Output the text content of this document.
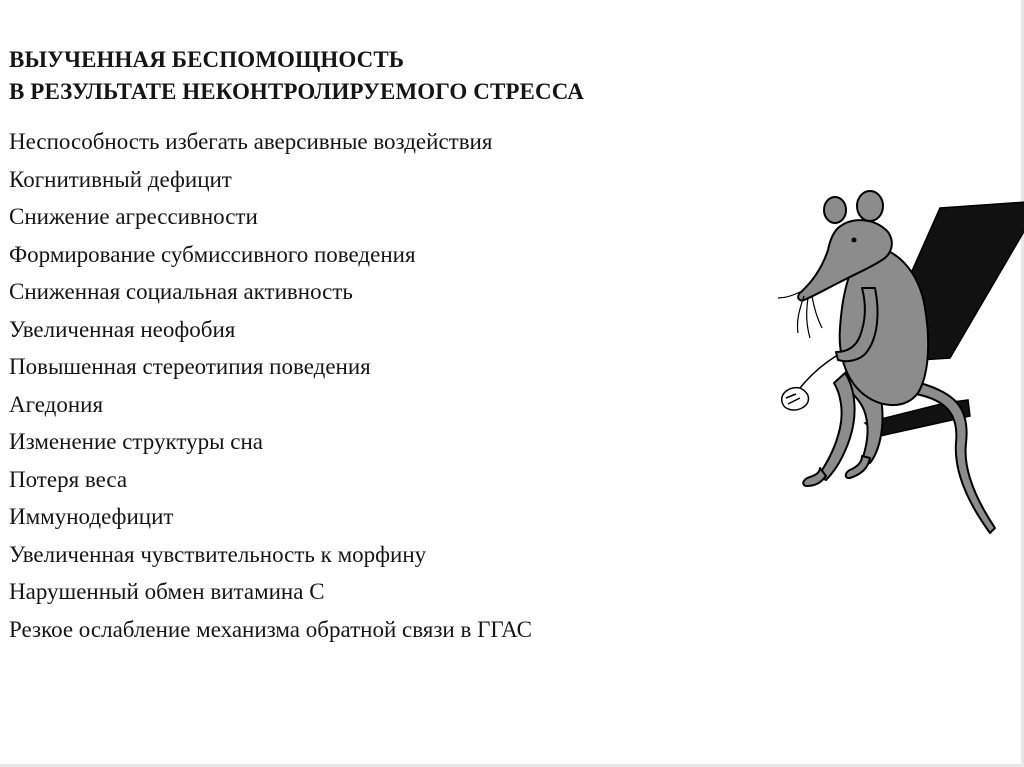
ВЫУЧЕННАЯ БЕСПОМОЩНОСТЬ
В РЕЗУЛЬТАТЕ НЕКОНТРОЛИРУЕМОГО СТРЕССА
Неспособность избегать аверсивные воздействия
Когнитивный дефицит
Снижение агрессивности
Формирование субмиссивного поведения
Сниженная социальная активность
Увеличенная неофобия
Повышенная стереотипия поведения
Агедония
Изменение структуры сна
Потеря веса
Иммунодефицит
Увеличенная чувствительность к морфину
Нарушенный обмен витамина С
Резкое ослабление механизма обратной связи в ГГАС
